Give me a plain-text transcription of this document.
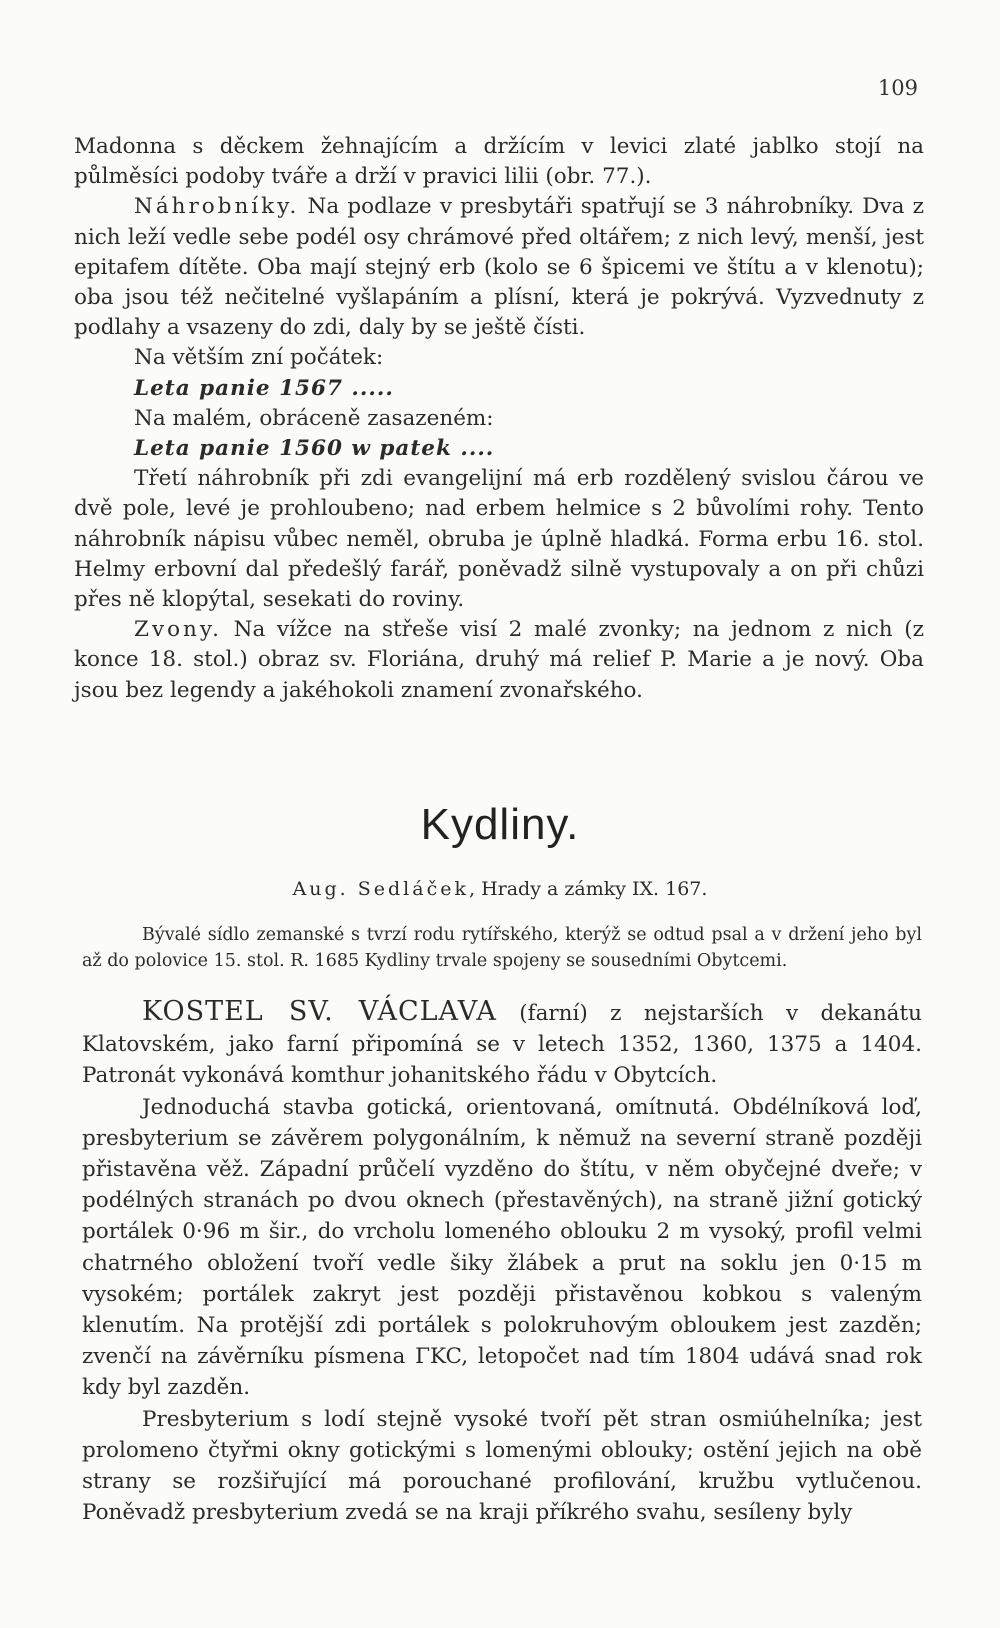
109

Madonna s děckem žehnajícím a držícím v levici zlaté jablko stojí na půlměsíci podoby tváře a drží v pravici lilii (obr. 77.).

Náhrobníky. Na podlaze v presbytáři spatřují se 3 náhrobníky. Dva z nich leží vedle sebe podél osy chrámové před oltářem; z nich levý, menší, jest epitafem dítěte. Oba mají stejný erb (kolo se 6 špicemi ve štítu a v klenotu); oba jsou též nečitelné vyšlapáním a plísní, která je pokrývá. Vyzvednuty z podlahy a vsazeny do zdi, daly by se ještě čísti.

Na větším zní počátek:

Leta panie 1567 .....

Na malém, obráceně zasazeném:

Leta panie 1560 w patek ....

Třetí náhrobník při zdi evangelijní má erb rozdělený svislou čárou ve dvě pole, levé je prohloubeno; nad erbem helmice s 2 bůvolími rohy. Tento náhrobník nápisu vůbec neměl, obruba je úplně hladká. Forma erbu 16. stol. Helmy erbovní dal předešlý farář, poněvadž silně vystupovaly a on při chůzi přes ně klopýtal, sesekati do roviny.

Zvony. Na vížce na střeše visí 2 malé zvonky; na jednom z nich (z konce 18. stol.) obraz sv. Floriána, druhý má relief P. Marie a je nový. Oba jsou bez legendy a jakéhokoli znamení zvonařského.

Kydliny.
Aug. Sedláček, Hrady a zámky IX. 167.

Bývalé sídlo zemanské s tvrzí rodu rytířského, kterýž se odtud psal a v držení jeho byl až do polovice 15. stol. R. 1685 Kydliny trvale spojeny se sousedními Obytcemi.

KOSTEL SV. VÁCLAVA (farní) z nejstarších v dekanátu Klatovském, jako farní připomíná se v letech 1352, 1360, 1375 a 1404. Patronát vykonává komthur johanitského řádu v Obytcích.

Jednoduchá stavba gotická, orientovaná, omítnutá. Obdélníková loď, presbyterium se závěrem polygonálním, k němuž na severní straně později přistavěna věž. Západní průčelí vyzděno do štítu, v něm obyčejné dveře; v podélných stranách po dvou oknech (přestavěných), na straně jižní gotický portálek 0·96 m šir., do vrcholu lomeného oblouku 2 m vysoký, profil velmi chatrného obložení tvoří vedle šiky žlábek a prut na soklu jen 0·15 m vysokém; portálek zakryt jest později přistavěnou kobkou s valeným klenutím. Na protější zdi portálek s polokruhovým obloukem jest zazděn; zvenčí na závěrníku písmena ΓKC, letopočet nad tím 1804 udává snad rok kdy byl zazděn.

Presbyterium s lodí stejně vysoké tvoří pět stran osmiúhelníka; jest prolomeno čtyřmi okny gotickými s lomenými oblouky; ostění jejich na obě strany se rozšiřující má porouchané profilování, kružbu vytlučenou. Poněvadž presbyterium zvedá se na kraji příkrého svahu, sesíleny byly
